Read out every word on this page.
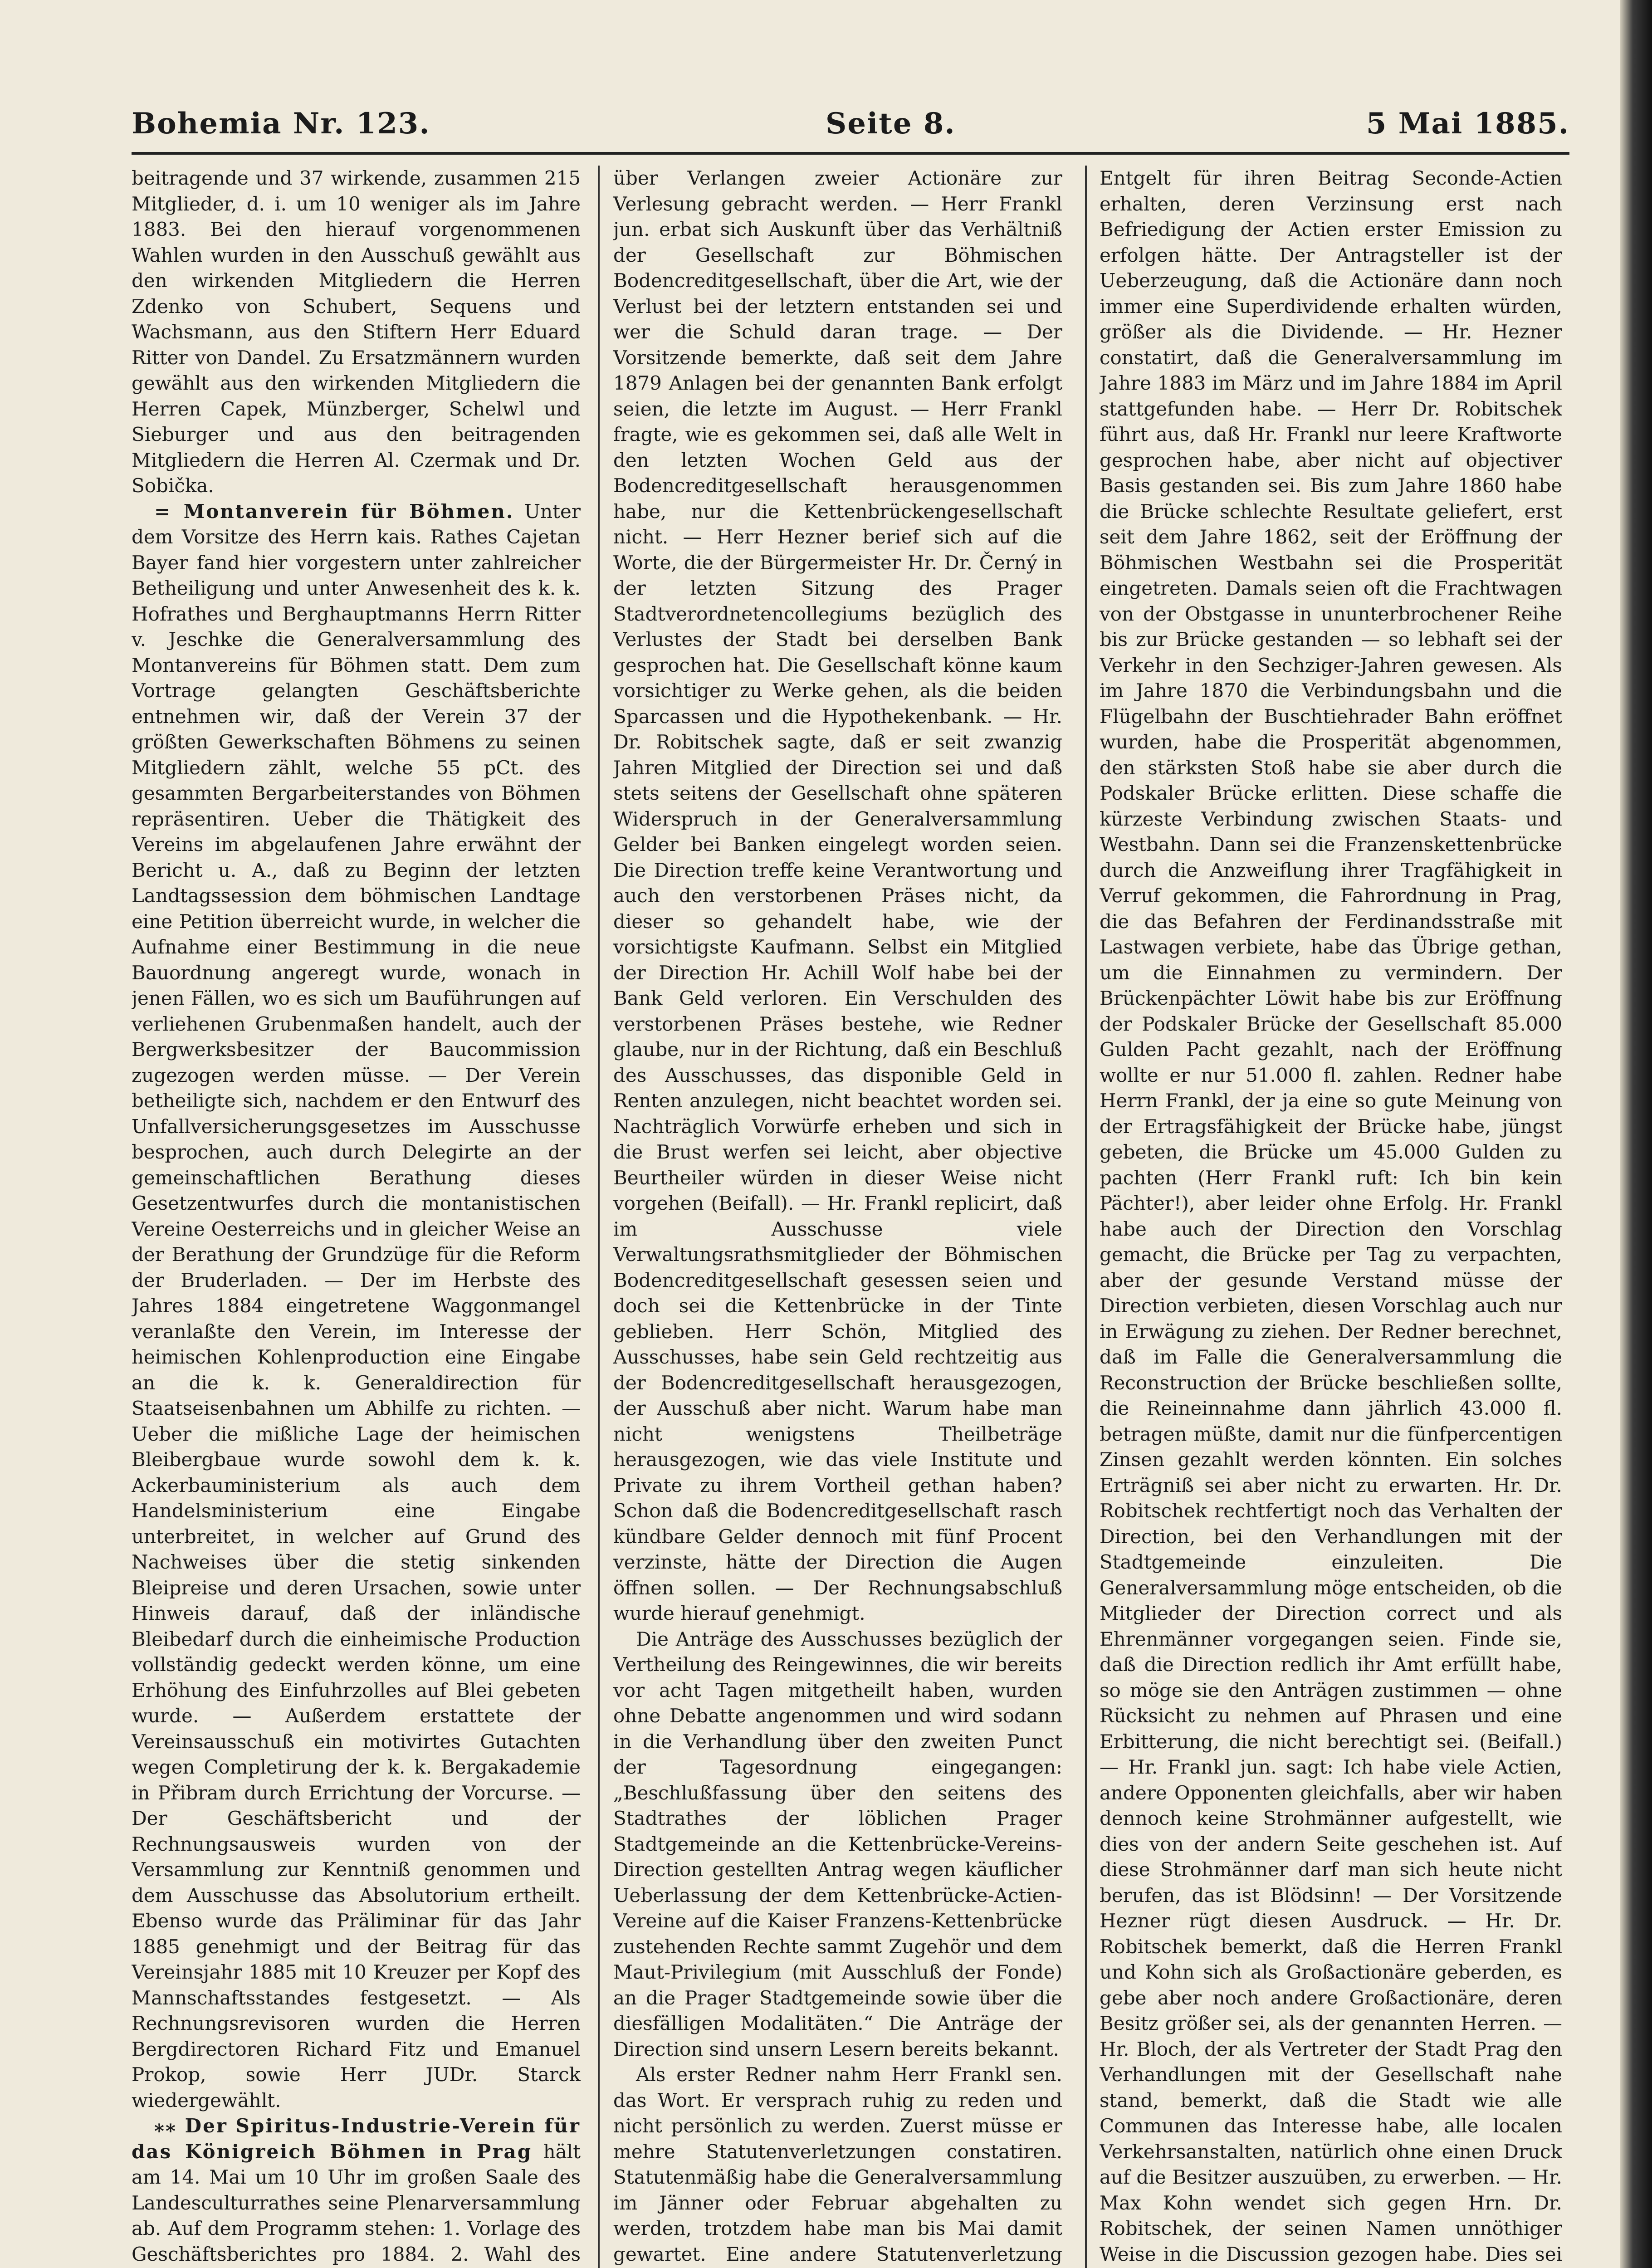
Bohemia Nr. 123.	Seite 8.	5 Mai 1885.

beitragende und 37 wirkende, zusammen 215 Mitglieder, d. i. um 10 weniger als im Jahre 1883. Bei den hierauf vorgenommenen Wahlen wurden in den Ausschuß gewählt aus den wirkenden Mitgliedern die Herren Zdenko von Schubert, Sequens und Wachsmann, aus den Stiftern Herr Eduard Ritter von Dandel. Zu Ersatzmännern wurden gewählt aus den wirkenden Mitgliedern die Herren Capek, Münzberger, Schelwl und Sieburger und aus den beitragenden Mitgliedern die Herren Al. Czermak und Dr. Sobička.

= Montanverein für Böhmen. Unter dem Vorsitze des Herrn kais. Rathes Cajetan Bayer fand hier vorgestern unter zahlreicher Betheiligung und unter Anwesenheit des k. k. Hofrathes und Berghauptmanns Herrn Ritter v. Jeschke die Generalversammlung des Montanvereins für Böhmen statt. Dem zum Vortrage gelangten Geschäftsberichte entnehmen wir, daß der Verein 37 der größten Gewerkschaften Böhmens zu seinen Mitgliedern zählt, welche 55 pCt. des gesammten Bergarbeiterstandes von Böhmen repräsentiren. Ueber die Thätigkeit des Vereins im abgelaufenen Jahre erwähnt der Bericht u. A., daß zu Beginn der letzten Landtagssession dem böhmischen Landtage eine Petition überreicht wurde, in welcher die Aufnahme einer Bestimmung in die neue Bauordnung angeregt wurde, wonach in jenen Fällen, wo es sich um Bauführungen auf verliehenen Grubenmaßen handelt, auch der Bergwerksbesitzer der Baucommission zugezogen werden müsse. — Der Verein betheiligte sich, nachdem er den Entwurf des Unfallversicherungsgesetzes im Ausschusse besprochen, auch durch Delegirte an der gemeinschaftlichen Berathung dieses Gesetzentwurfes durch die montanistischen Vereine Oesterreichs und in gleicher Weise an der Berathung der Grundzüge für die Reform der Bruderladen. — Der im Herbste des Jahres 1884 eingetretene Waggonmangel veranlaßte den Verein, im Interesse der heimischen Kohlenproduction eine Eingabe an die k. k. Generaldirection für Staatseisenbahnen um Abhilfe zu richten. — Ueber die mißliche Lage der heimischen Bleibergbaue wurde sowohl dem k. k. Ackerbauministerium als auch dem Handelsministerium eine Eingabe unterbreitet, in welcher auf Grund des Nachweises über die stetig sinkenden Bleipreise und deren Ursachen, sowie unter Hinweis darauf, daß der inländische Bleibedarf durch die einheimische Production vollständig gedeckt werden könne, um eine Erhöhung des Einfuhrzolles auf Blei gebeten wurde. — Außerdem erstattete der Vereinsausschuß ein motivirtes Gutachten wegen Completirung der k. k. Bergakademie in Přibram durch Errichtung der Vorcurse. — Der Geschäftsbericht und der Rechnungsausweis wurden von der Versammlung zur Kenntniß genommen und dem Ausschusse das Absolutorium ertheilt. Ebenso wurde das Präliminar für das Jahr 1885 genehmigt und der Beitrag für das Vereinsjahr 1885 mit 10 Kreuzer per Kopf des Mannschaftsstandes festgesetzt. — Als Rechnungsrevisoren wurden die Herren Bergdirectoren Richard Fitz und Emanuel Prokop, sowie Herr JUDr. Starck wiedergewählt.

⁎⁎ Der Spiritus-Industrie-Verein für das Königreich Böhmen in Prag hält am 14. Mai um 10 Uhr im großen Saale des Landesculturrathes seine Plenarversammlung ab. Auf dem Programm stehen: 1. Vorlage des Geschäftsberichtes pro 1884. 2. Wahl des

über Verlangen zweier Actionäre zur Verlesung gebracht werden. — Herr Frankl jun. erbat sich Auskunft über das Verhältniß der Gesellschaft zur Böhmischen Bodencreditgesellschaft, über die Art, wie der Verlust bei der letztern entstanden sei und wer die Schuld daran trage. — Der Vorsitzende bemerkte, daß seit dem Jahre 1879 Anlagen bei der genannten Bank erfolgt seien, die letzte im August. — Herr Frankl fragte, wie es gekommen sei, daß alle Welt in den letzten Wochen Geld aus der Bodencreditgesellschaft herausgenommen habe, nur die Kettenbrückengesellschaft nicht. — Herr Hezner berief sich auf die Worte, die der Bürgermeister Hr. Dr. Černý in der letzten Sitzung des Prager Stadtverordnetencollegiums bezüglich des Verlustes der Stadt bei derselben Bank gesprochen hat. Die Gesellschaft könne kaum vorsichtiger zu Werke gehen, als die beiden Sparcassen und die Hypothekenbank. — Hr. Dr. Robitschek sagte, daß er seit zwanzig Jahren Mitglied der Direction sei und daß stets seitens der Gesellschaft ohne späteren Widerspruch in der Generalversammlung Gelder bei Banken eingelegt worden seien. Die Direction treffe keine Verantwortung und auch den verstorbenen Präses nicht, da dieser so gehandelt habe, wie der vorsichtigste Kaufmann. Selbst ein Mitglied der Direction Hr. Achill Wolf habe bei der Bank Geld verloren. Ein Verschulden des verstorbenen Präses bestehe, wie Redner glaube, nur in der Richtung, daß ein Beschluß des Ausschusses, das disponible Geld in Renten anzulegen, nicht beachtet worden sei. Nachträglich Vorwürfe erheben und sich in die Brust werfen sei leicht, aber objective Beurtheiler würden in dieser Weise nicht vorgehen (Beifall). — Hr. Frankl replicirt, daß im Ausschusse viele Verwaltungsrathsmitglieder der Böhmischen Bodencreditgesellschaft gesessen seien und doch sei die Kettenbrücke in der Tinte geblieben. Herr Schön, Mitglied des Ausschusses, habe sein Geld rechtzeitig aus der Bodencreditgesellschaft herausgezogen, der Ausschuß aber nicht. Warum habe man nicht wenigstens Theilbeträge herausgezogen, wie das viele Institute und Private zu ihrem Vortheil gethan haben? Schon daß die Bodencreditgesellschaft rasch kündbare Gelder dennoch mit fünf Procent verzinste, hätte der Direction die Augen öffnen sollen. — Der Rechnungsabschluß wurde hierauf genehmigt.

Die Anträge des Ausschusses bezüglich der Vertheilung des Reingewinnes, die wir bereits vor acht Tagen mitgetheilt haben, wurden ohne Debatte angenommen und wird sodann in die Verhandlung über den zweiten Punct der Tagesordnung eingegangen: „Beschlußfassung über den seitens des Stadtrathes der löblichen Prager Stadtgemeinde an die Kettenbrücke-Vereins-Direction gestellten Antrag wegen käuflicher Ueberlassung der dem Kettenbrücke-Actien-Vereine auf die Kaiser Franzens-Kettenbrücke zustehenden Rechte sammt Zugehör und dem Maut-Privilegium (mit Ausschluß der Fonde) an die Prager Stadtgemeinde sowie über die diesfälligen Modalitäten.“ Die Anträge der Direction sind unsern Lesern bereits bekannt.

Als erster Redner nahm Herr Frankl sen. das Wort. Er versprach ruhig zu reden und nicht persönlich zu werden. Zuerst müsse er mehre Statutenverletzungen constatiren. Statutenmäßig habe die Generalversammlung im Jänner oder Februar abgehalten zu werden, trotzdem habe man bis Mai damit gewartet. Eine andere Statutenverletzung

Entgelt für ihren Beitrag Seconde-Actien erhalten, deren Verzinsung erst nach Befriedigung der Actien erster Emission zu erfolgen hätte. Der Antragsteller ist der Ueberzeugung, daß die Actionäre dann noch immer eine Superdividende erhalten würden, größer als die Dividende. — Hr. Hezner constatirt, daß die Generalversammlung im Jahre 1883 im März und im Jahre 1884 im April stattgefunden habe. — Herr Dr. Robitschek führt aus, daß Hr. Frankl nur leere Kraftworte gesprochen habe, aber nicht auf objectiver Basis gestanden sei. Bis zum Jahre 1860 habe die Brücke schlechte Resultate geliefert, erst seit dem Jahre 1862, seit der Eröffnung der Böhmischen Westbahn sei die Prosperität eingetreten. Damals seien oft die Frachtwagen von der Obstgasse in ununterbrochener Reihe bis zur Brücke gestanden — so lebhaft sei der Verkehr in den Sechziger-Jahren gewesen. Als im Jahre 1870 die Verbindungsbahn und die Flügelbahn der Buschtiehrader Bahn eröffnet wurden, habe die Prosperität abgenommen, den stärksten Stoß habe sie aber durch die Podskaler Brücke erlitten. Diese schaffe die kürzeste Verbindung zwischen Staats- und Westbahn. Dann sei die Franzenskettenbrücke durch die Anzweiflung ihrer Tragfähigkeit in Verruf gekommen, die Fahrordnung in Prag, die das Befahren der Ferdinandsstraße mit Lastwagen verbiete, habe das Übrige gethan, um die Einnahmen zu vermindern. Der Brückenpächter Löwit habe bis zur Eröffnung der Podskaler Brücke der Gesellschaft 85.000 Gulden Pacht gezahlt, nach der Eröffnung wollte er nur 51.000 fl. zahlen. Redner habe Herrn Frankl, der ja eine so gute Meinung von der Ertragsfähigkeit der Brücke habe, jüngst gebeten, die Brücke um 45.000 Gulden zu pachten (Herr Frankl ruft: Ich bin kein Pächter!), aber leider ohne Erfolg. Hr. Frankl habe auch der Direction den Vorschlag gemacht, die Brücke per Tag zu verpachten, aber der gesunde Verstand müsse der Direction verbieten, diesen Vorschlag auch nur in Erwägung zu ziehen. Der Redner berechnet, daß im Falle die Generalversammlung die Reconstruction der Brücke beschließen sollte, die Reineinnahme dann jährlich 43.000 fl. betragen müßte, damit nur die fünfpercentigen Zinsen gezahlt werden könnten. Ein solches Erträgniß sei aber nicht zu erwarten. Hr. Dr. Robitschek rechtfertigt noch das Verhalten der Direction, bei den Verhandlungen mit der Stadtgemeinde einzuleiten. Die Generalversammlung möge entscheiden, ob die Mitglieder der Direction correct und als Ehrenmänner vorgegangen seien. Finde sie, daß die Direction redlich ihr Amt erfüllt habe, so möge sie den Anträgen zustimmen — ohne Rücksicht zu nehmen auf Phrasen und eine Erbitterung, die nicht berechtigt sei. (Beifall.) — Hr. Frankl jun. sagt: Ich habe viele Actien, andere Opponenten gleichfalls, aber wir haben dennoch keine Strohmänner aufgestellt, wie dies von der andern Seite geschehen ist. Auf diese Strohmänner darf man sich heute nicht berufen, das ist Blödsinn! — Der Vorsitzende Hezner rügt diesen Ausdruck. — Hr. Dr. Robitschek bemerkt, daß die Herren Frankl und Kohn sich als Großactionäre geberden, es gebe aber noch andere Großactionäre, deren Besitz größer sei, als der genannten Herren. — Hr. Bloch, der als Vertreter der Stadt Prag den Verhandlungen mit der Gesellschaft nahe stand, bemerkt, daß die Stadt wie alle Communen das Interesse habe, alle localen Verkehrsanstalten, natürlich ohne einen Druck auf die Besitzer auszuüben, zu erwerben. — Hr. Max Kohn wendet sich gegen Hrn. Dr. Robitschek, der seinen Namen unnöthiger Weise in die Discussion gezogen habe. Dies sei
